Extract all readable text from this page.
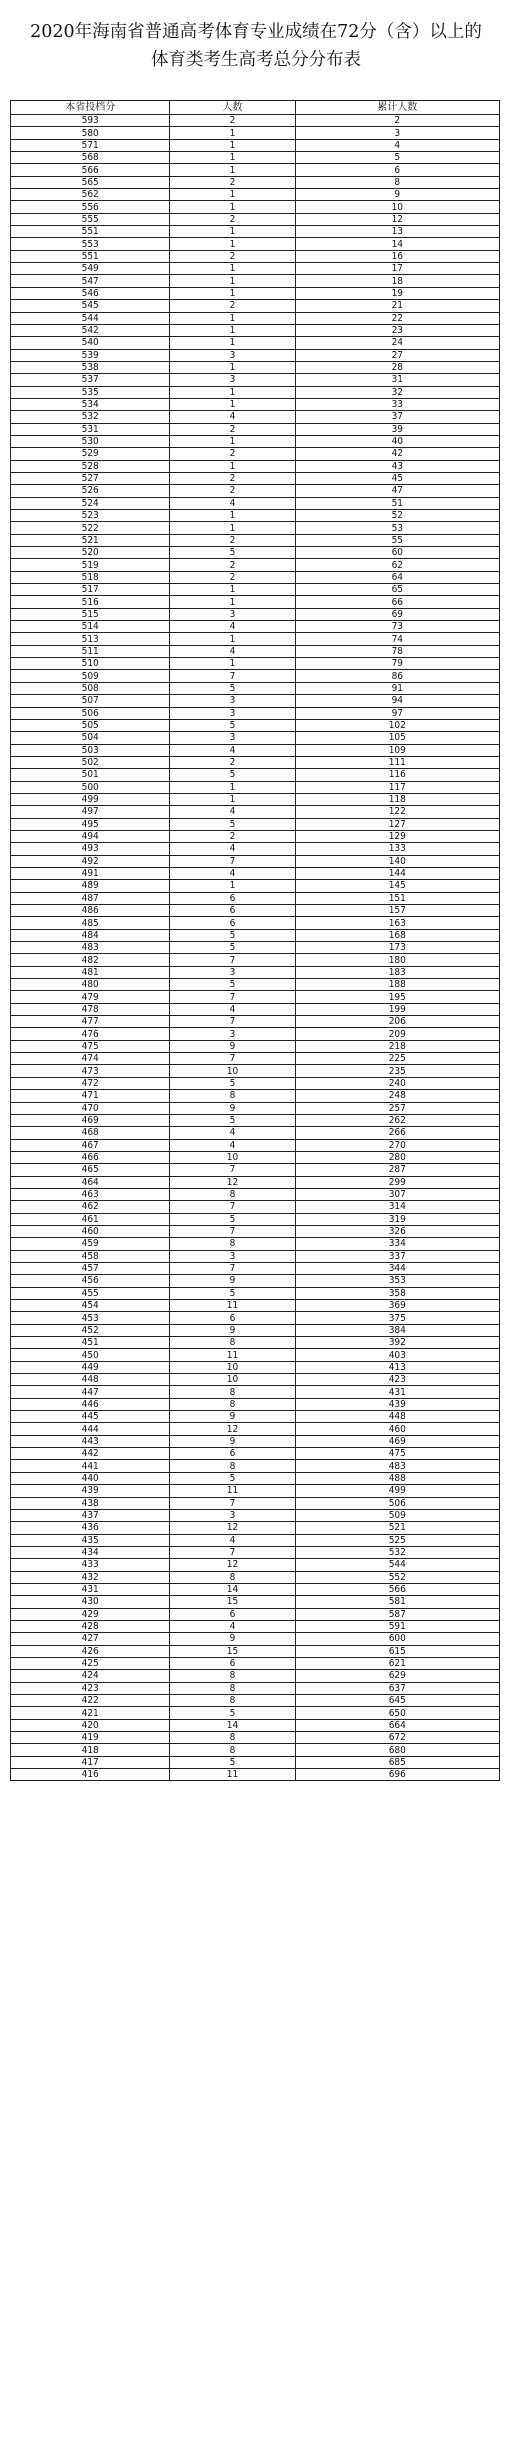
2020年海南省普通高考体育专业成绩在72分（含）以上的
体育类考生高考总分分布表
本省投档分	人数	累计人数
593	2	2
580	1	3
571	1	4
568	1	5
566	1	6
565	2	8
562	1	9
556	1	10
555	2	12
551	1	13
553	1	14
551	2	16
549	1	17
547	1	18
546	1	19
545	2	21
544	1	22
542	1	23
540	1	24
539	3	27
538	1	28
537	3	31
535	1	32
534	1	33
532	4	37
531	2	39
530	1	40
529	2	42
528	1	43
527	2	45
526	2	47
524	4	51
523	1	52
522	1	53
521	2	55
520	5	60
519	2	62
518	2	64
517	1	65
516	1	66
515	3	69
514	4	73
513	1	74
511	4	78
510	1	79
509	7	86
508	5	91
507	3	94
506	3	97
505	5	102
504	3	105
503	4	109
502	2	111
501	5	116
500	1	117
499	1	118
497	4	122
495	5	127
494	2	129
493	4	133
492	7	140
491	4	144
489	1	145
487	6	151
486	6	157
485	6	163
484	5	168
483	5	173
482	7	180
481	3	183
480	5	188
479	7	195
478	4	199
477	7	206
476	3	209
475	9	218
474	7	225
473	10	235
472	5	240
471	8	248
470	9	257
469	5	262
468	4	266
467	4	270
466	10	280
465	7	287
464	12	299
463	8	307
462	7	314
461	5	319
460	7	326
459	8	334
458	3	337
457	7	344
456	9	353
455	5	358
454	11	369
453	6	375
452	9	384
451	8	392
450	11	403
449	10	413
448	10	423
447	8	431
446	8	439
445	9	448
444	12	460
443	9	469
442	6	475
441	8	483
440	5	488
439	11	499
438	7	506
437	3	509
436	12	521
435	4	525
434	7	532
433	12	544
432	8	552
431	14	566
430	15	581
429	6	587
428	4	591
427	9	600
426	15	615
425	6	621
424	8	629
423	8	637
422	8	645
421	5	650
420	14	664
419	8	672
418	8	680
417	5	685
416	11	696
